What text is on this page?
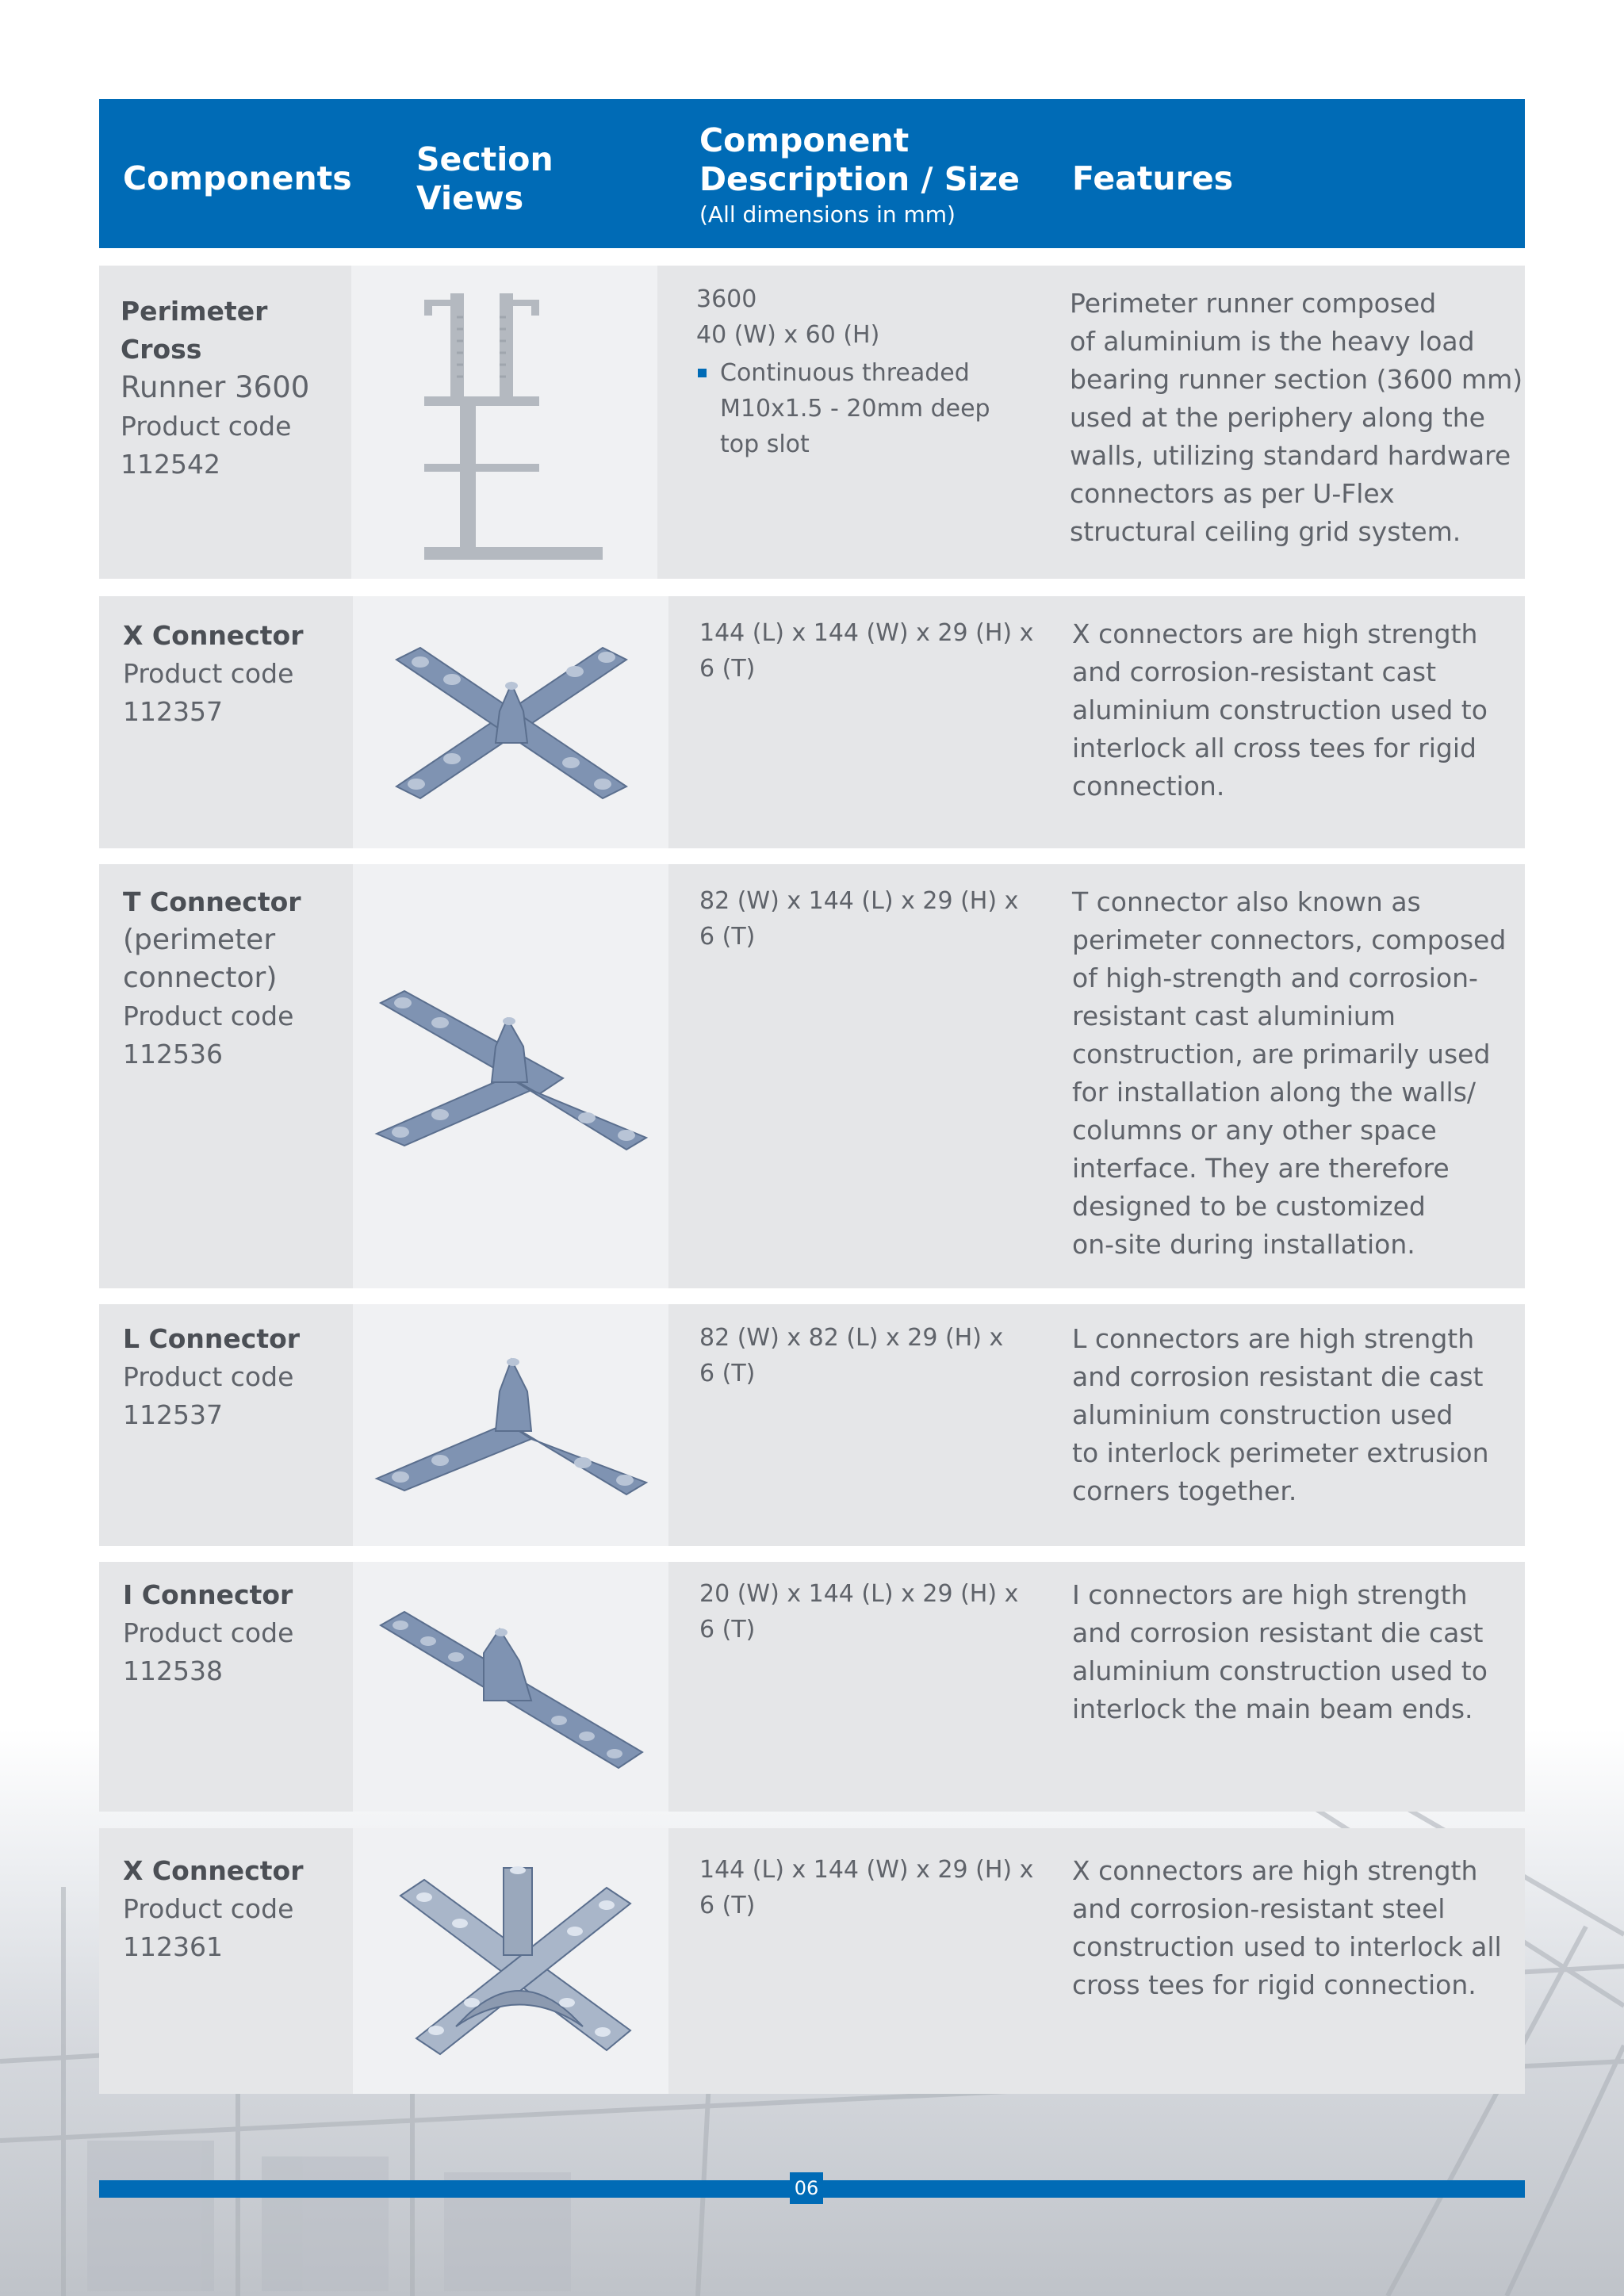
Components Section
Views
Component
Description / Size
(All dimensions in mm)
Features
Perimeter
Cross
Runner 3600
Product code
112542
3600
40 (W) x 60 (H)
Continuous threaded
M10x1.5 - 20mm deep
top slot
Perimeter runner composed
of aluminium is the heavy load
bearing runner section (3600 mm)
used at the periphery along the
walls, utilizing standard hardware
connectors as per U-Flex
structural ceiling grid system.
X Connector
Product code
112357
144 (L) x 144 (W) x 29 (H) x
6 (T)
X connectors are high strength
and corrosion-resistant cast
aluminium construction used to
interlock all cross tees for rigid
connection.
T Connector
(perimeter
connector)
Product code
112536
82 (W) x 144 (L) x 29 (H) x
6 (T)
T connector also known as
perimeter connectors, composed
of high-strength and corrosion-
resistant cast aluminium
construction, are primarily used
for installation along the walls/
columns or any other space
interface. They are therefore
designed to be customized
on-site during installation.
L Connector
Product code
112537
82 (W) x 82 (L) x 29 (H) x
6 (T)
L connectors are high strength
and corrosion resistant die cast
aluminium construction used
to interlock perimeter extrusion
corners together.
I Connector
Product code
112538
20 (W) x 144 (L) x 29 (H) x
6 (T)
I connectors are high strength
and corrosion resistant die cast
aluminium construction used to
interlock the main beam ends.
X Connector
Product code
112361
144 (L) x 144 (W) x 29 (H) x
6 (T)
X connectors are high strength
and corrosion-resistant steel
construction used to interlock all
cross tees for rigid connection.
06
